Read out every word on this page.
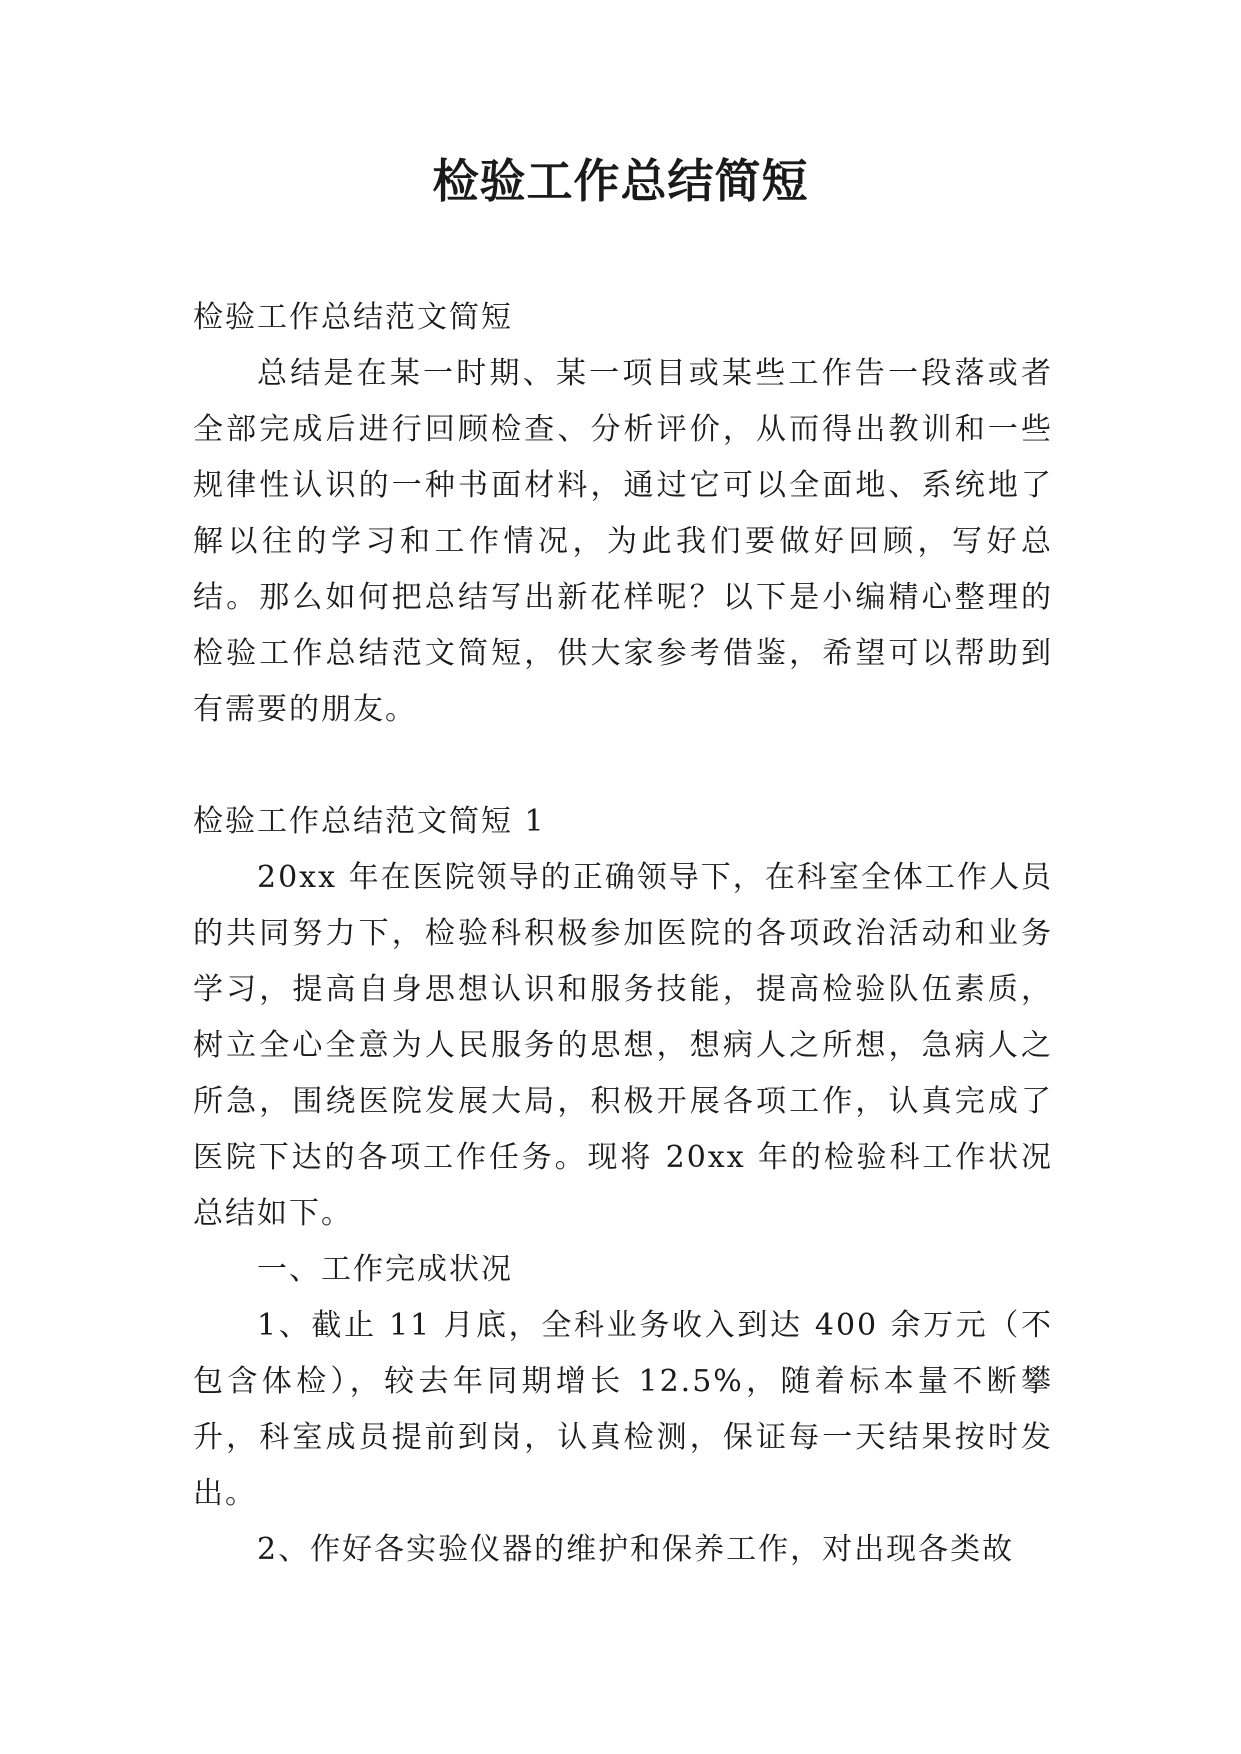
检验工作总结简短

检验工作总结范文简短

总结是在某一时期、某一项目或某些工作告一段落或者全部完成后进行回顾检查、分析评价，从而得出教训和一些规律性认识的一种书面材料，通过它可以全面地、系统地了解以往的学习和工作情况，为此我们要做好回顾，写好总结。那么如何把总结写出新花样呢？以下是小编精心整理的检验工作总结范文简短，供大家参考借鉴，希望可以帮助到有需要的朋友。

检验工作总结范文简短 1

20xx 年在医院领导的正确领导下，在科室全体工作人员的共同努力下，检验科积极参加医院的各项政治活动和业务学习，提高自身思想认识和服务技能，提高检验队伍素质，树立全心全意为人民服务的思想，想病人之所想，急病人之所急，围绕医院发展大局，积极开展各项工作，认真完成了医院下达的各项工作任务。现将 20xx 年的检验科工作状况总结如下。

一、工作完成状况

1、截止 11 月底，全科业务收入到达 400 余万元（不包含体检），较去年同期增长 12.5%，随着标本量不断攀升，科室成员提前到岗，认真检测，保证每一天结果按时发出。

2、作好各实验仪器的维护和保养工作，对出现各类故
